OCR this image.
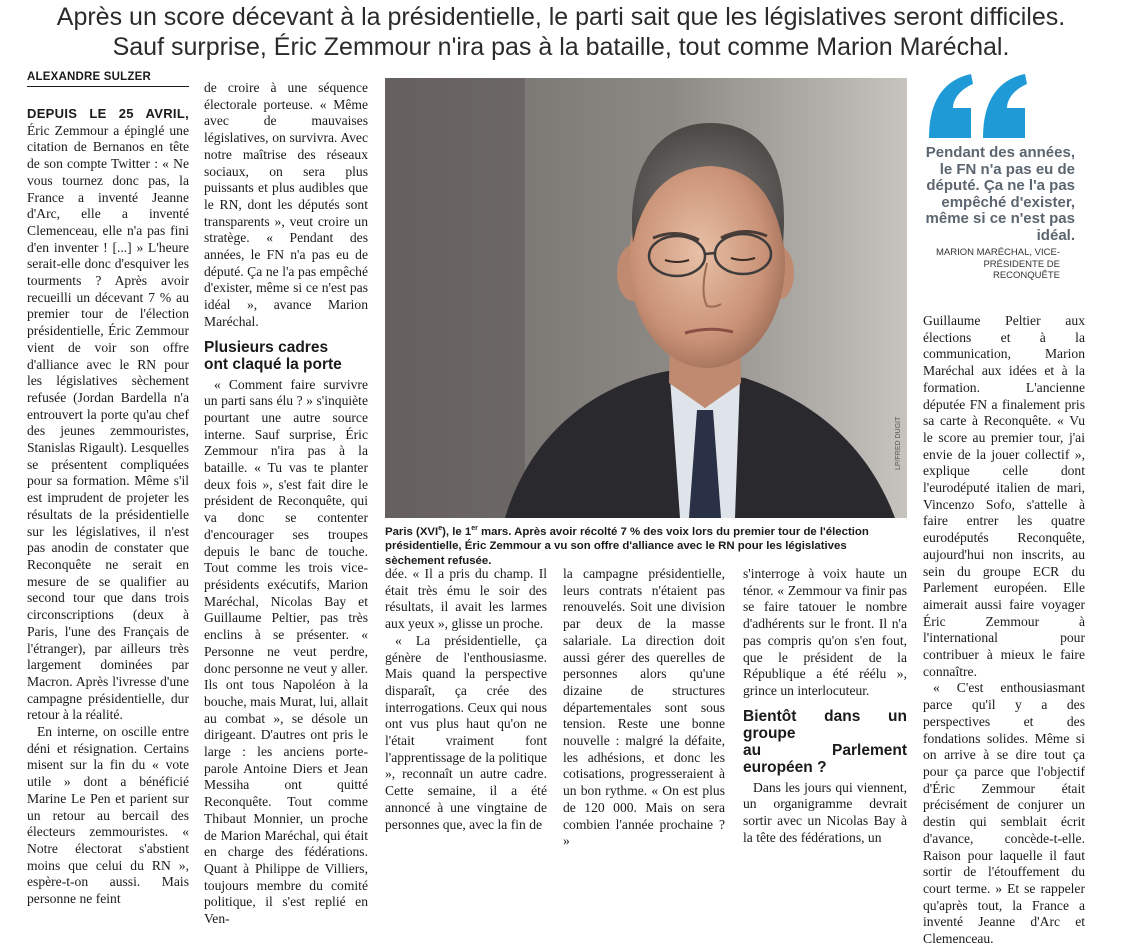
Après un score décevant à la présidentielle, le parti sait que les législatives seront difficiles.
Sauf surprise, Éric Zemmour n'ira pas à la bataille, tout comme Marion Maréchal.
ALEXANDRE SULZER

DEPUIS LE 25 AVRIL, Éric Zemmour a épinglé une citation de Bernanos en tête de son compte Twitter : « Ne vous tournez donc pas, la France a inventé Jeanne d'Arc, elle a inventé Clemenceau, elle n'a pas fini d'en inventer ! [...] » L'heure serait-elle donc d'esquiver les tourments ? Après avoir recueilli un décevant 7 % au premier tour de l'élection présidentielle, Éric Zemmour vient de voir son offre d'alliance avec le RN pour les législatives sèchement refusée (Jordan Bardella n'a entrouvert la porte qu'au chef des jeunes zemmouristes, Stanislas Rigault). Lesquelles se présentent compliquées pour sa formation. Même s'il est imprudent de projeter les résultats de la présidentielle sur les législatives, il n'est pas anodin de constater que Reconquête ne serait en mesure de se qualifier au second tour que dans trois circonscriptions (deux à Paris, l'une des Français de l'étranger), par ailleurs très largement dominées par Macron. Après l'ivresse d'une campagne présidentielle, dur retour à la réalité.

En interne, on oscille entre déni et résignation. Certains misent sur la fin du « vote utile » dont a bénéficié Marine Le Pen et parient sur un retour au bercail des électeurs zemmouristes. « Notre électorat s'abstient moins que celui du RN », espère-t-on aussi. Mais personne ne feint

de croire à une séquence électorale porteuse. « Même avec de mauvaises législatives, on survivra. Avec notre maîtrise des réseaux sociaux, on sera plus puissants et plus audibles que le RN, dont les députés sont transparents », veut croire un stratège. « Pendant des années, le FN n'a pas eu de député. Ça ne l'a pas empêché d'exister, même si ce n'est pas idéal », avance Marion Maréchal.

Plusieurs cadres
ont claqué la porte

« Comment faire survivre un parti sans élu ? » s'inquiète pourtant une autre source interne. Sauf surprise, Éric Zemmour n'ira pas à la bataille. « Tu vas te planter deux fois », s'est fait dire le président de Reconquête, qui va donc se contenter d'encourager ses troupes depuis le banc de touche. Tout comme les trois vice-présidents exécutifs, Marion Maréchal, Nicolas Bay et Guillaume Peltier, pas très enclins à se présenter. « Personne ne veut perdre, donc personne ne veut y aller. Ils ont tous Napoléon à la bouche, mais Murat, lui, allait au combat », se désole un dirigeant. D'autres ont pris le large : les anciens porte-parole Antoine Diers et Jean Messiha ont quitté Reconquête. Tout comme Thibaut Monnier, un proche de Marion Maréchal, qui était en charge des fédérations. Quant à Philippe de Villiers, toujours membre du comité politique, il s'est replié en Ven-

LP/FRED DUGIT
Paris (XVIe), le 1er mars. Après avoir récolté 7 % des voix lors du premier tour de l'élection présidentielle, Éric Zemmour a vu son offre d'alliance avec le RN pour les législatives sèchement refusée.
Pendant des années, le FN n'a pas eu de député. Ça ne l'a pas empêché d'exister, même si ce n'est pas idéal.
MARION MARÉCHAL, VICE-PRÉSIDENTE DE RECONQUÊTE

dée. « Il a pris du champ. Il était très ému le soir des résultats, il avait les larmes aux yeux », glisse un proche.

« La présidentielle, ça génère de l'enthousiasme. Mais quand la perspective disparaît, ça crée des interrogations. Ceux qui nous ont vus plus haut qu'on ne l'était vraiment font l'apprentissage de la politique », reconnaît un autre cadre. Cette semaine, il a été annoncé à une vingtaine de personnes que, avec la fin de

la campagne présidentielle, leurs contrats n'étaient pas renouvelés. Soit une division par deux de la masse salariale. La direction doit aussi gérer des querelles de personnes alors qu'une dizaine de structures départementales sont sous tension. Reste une bonne nouvelle : malgré la défaite, les adhésions, et donc les cotisations, progresseraient à un bon rythme. « On est plus de 120 000. Mais on sera combien l'année prochaine ? »

s'interroge à voix haute un ténor. « Zemmour va finir pas se faire tatouer le nombre d'adhérents sur le front. Il n'a pas compris qu'on s'en fout, que le président de la République a été réélu », grince un interlocuteur.

Bientôt dans un groupe
au Parlement européen ?

Dans les jours qui viennent, un organigramme devrait sortir avec un Nicolas Bay à la tête des fédérations, un

Guillaume Peltier aux élections et à la communication, Marion Maréchal aux idées et à la formation. L'ancienne députée FN a finalement pris sa carte à Reconquête. « Vu le score au premier tour, j'ai envie de la jouer collectif », explique celle dont l'eurodéputé italien de mari, Vincenzo Sofo, s'attelle à faire entrer les quatre eurodéputés Reconquête, aujourd'hui non inscrits, au sein du groupe ECR du Parlement européen. Elle aimerait aussi faire voyager Éric Zemmour à l'international pour contribuer à mieux le faire connaître.

« C'est enthousiasmant parce qu'il y a des perspectives et des fondations solides. Même si on arrive à se dire tout ça pour ça parce que l'objectif d'Éric Zemmour était précisément de conjurer un destin qui semblait écrit d'avance, concède-t-elle. Raison pour laquelle il faut sortir de l'étouffement du court terme. » Et se rappeler qu'après tout, la France a inventé Jeanne d'Arc et Clemenceau.
